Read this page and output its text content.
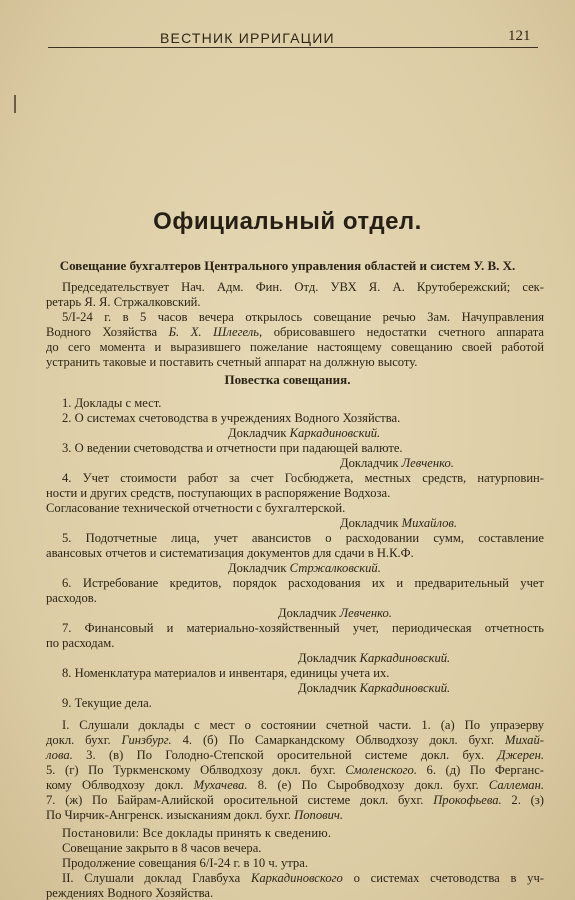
ВЕСТНИК ИРРИГАЦИИ	121
Официальный отдел.
Совещание бухгалтеров Центрального управления областей и систем У. В. Х.
Председательствует Нач. Адм. Фин. Отд. УВХ Я. А. Крутобережский; сек-
ретарь Я. Я. Стржалковский.
5/I-24 г. в 5 часов вечера открылось совещание речью Зам. Начуправления
Водного Хозяйства Б. Х. Шлегель, обрисовавшего недостатки счетного аппарата
до сего момента и выразившего пожелание настоящему совещанию своей работой
устранить таковые и поставить счетный аппарат на должную высоту.
Повестка совещания.
1. Доклады с мест.
2. О системах счетоводства в учреждениях Водного Хозяйства.
Докладчик Каркадиновский.
3. О ведении счетоводства и отчетности при падающей валюте.
Докладчик Левченко.
4. Учет стоимости работ за счет Госбюджета, местных средств, натурповин-
ности и других средств, поступающих в распоряжение Водхоза.
Согласование технической отчетности с бухгалтерской.
Докладчик Михайлов.
5. Подотчетные лица, учет авансистов о расходовании сумм, составление
авансовых отчетов и систематизация документов для сдачи в Н.К.Ф.
Докладчик Стржалковский.
6. Истребование кредитов, порядок расходования их и предварительный учет
расходов.
Докладчик Левченко.
7. Финансовый и материально-хозяйственный учет, периодическая отчетность
по расходам.
Докладчик Каркадиновский.
8. Номенклатура материалов и инвентаря, единицы учета их.
Докладчик Каркадиновский.
9. Текущие дела.
I. Слушали доклады с мест о состоянии счетной части. 1. (а) По упраэерву
докл. бухг. Гинзбург. 4. (б) По Самаркандскому Облводхозу докл. бухг. Михай-
лова. 3. (в) По Голодно-Степской оросительной системе докл. бух. Джерен.
5. (г) По Туркменскому Облводхозу докл. бухг. Смоленского. 6. (д) По Ферганс-
кому Облводхозу докл. Мухачева. 8. (е) По Сыробводхозу докл. бухг. Саллеман.
7. (ж) По Байрам-Алийской оросительной системе докл. бухг. Прокофьева. 2. (з)
По Чирчик-Ангренск. изысканиям докл. бухг. Попович.
Постановили: Все доклады принять к сведению.
Совещание закрыто в 8 часов вечера.
Продолжение совещания 6/I-24 г. в 10 ч. утра.
II. Слушали доклад Главбуха Каркадиновского о системах счетоводства в уч-
реждениях Водного Хозяйства.
